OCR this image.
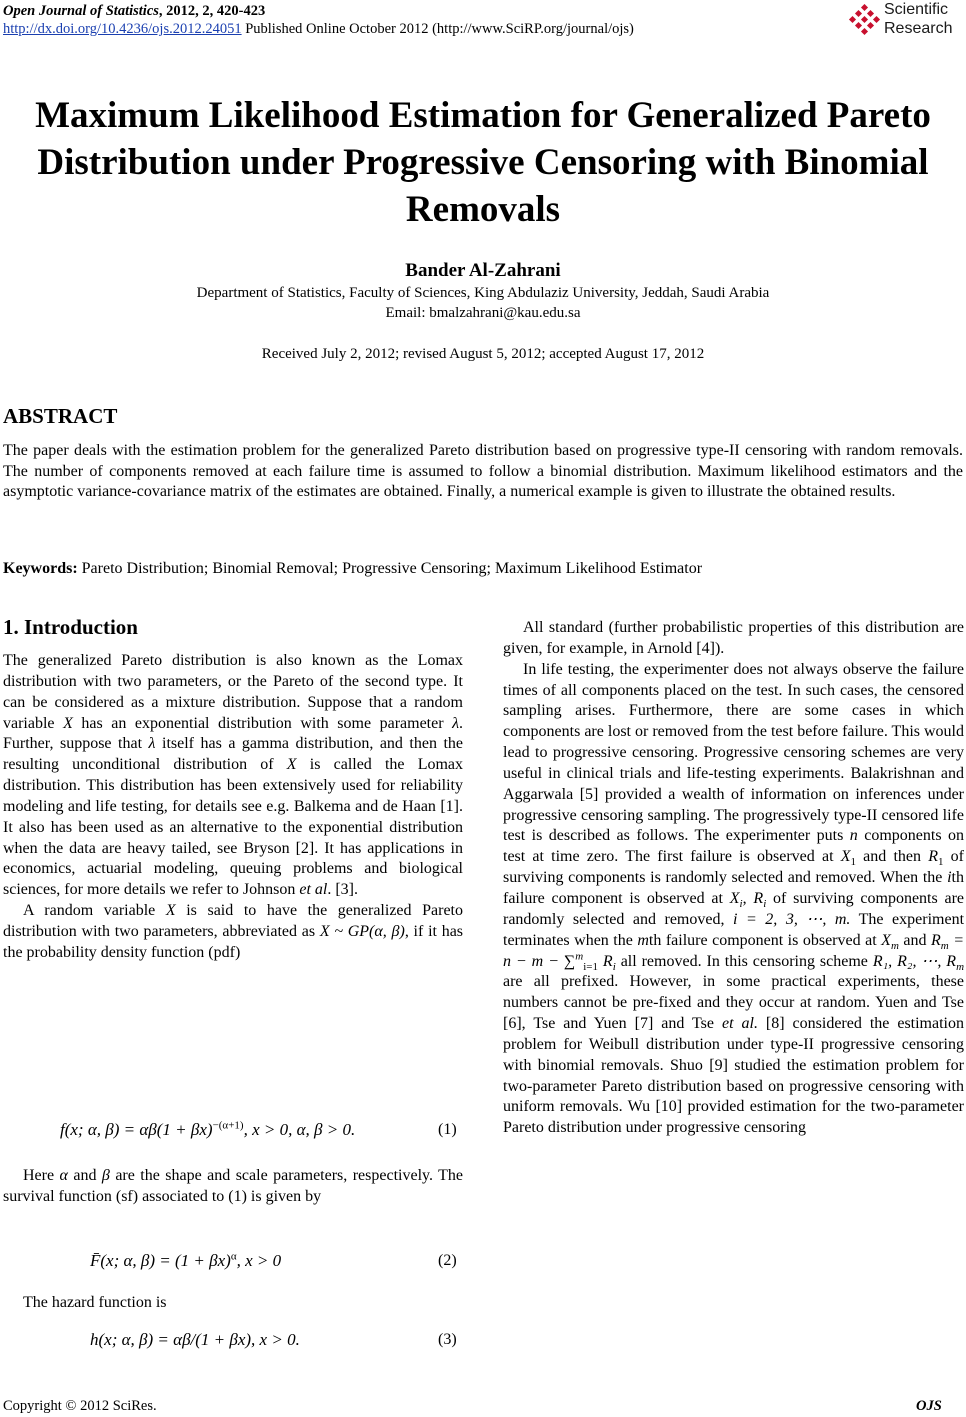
Open Journal of Statistics, 2012, 2, 420-423
http://dx.doi.org/10.4236/ojs.2012.24051 Published Online October 2012 (http://www.SciRP.org/journal/ojs)
Scientific
Research
Maximum Likelihood Estimation for Generalized Pareto
Distribution under Progressive Censoring with Binomial
Removals
Bander Al-Zahrani
Department of Statistics, Faculty of Sciences, King Abdulaziz University, Jeddah, Saudi Arabia
Email: bmalzahrani@kau.edu.sa
Received July 2, 2012; revised August 5, 2012; accepted August 17, 2012
ABSTRACT
The paper deals with the estimation problem for the generalized Pareto distribution based on progressive type-II censoring with random removals. The number of components removed at each failure time is assumed to follow a binomial distribution. Maximum likelihood estimators and the asymptotic variance-covariance matrix of the estimates are obtained. Finally, a numerical example is given to illustrate the obtained results.
Keywords: Pareto Distribution; Binomial Removal; Progressive Censoring; Maximum Likelihood Estimator
1. Introduction

The generalized Pareto distribution is also known as the Lomax distribution with two parameters, or the Pareto of the second type. It can be considered as a mixture distribution. Suppose that a random variable X has an exponential distribution with some parameter λ. Further, suppose that λ itself has a gamma distribution, and then the resulting unconditional distribution of X is called the Lomax distribution. This distribution has been extensively used for reliability modeling and life testing, for details see e.g. Balkema and de Haan [1]. It also has been used as an alternative to the exponential distribution when the data are heavy tailed, see Bryson [2]. It has applications in economics, actuarial modeling, queuing problems and biological sciences, for more details we refer to Johnson et al. [3].

A random variable X is said to have the generalized Pareto distribution with two parameters, abbreviated as X ~ GP(α, β), if it has the probability density function (pdf)

f(x; α, $\beta) = \alpha\beta(1 + \beta x)^{-(\alpha+1)}$, x > 0, α, β > 0.	(1)

Here α and β are the shape and scale parameters, respectively. The survival function (sf) associated to (1) is given by

F̄(x; α, $\beta) = (1 + \beta x)^\alpha$, x > 0	(2)
The hazard function is
h(x; α, β) = αβ/(1 + βx), x > 0.	(3)

All standard (further probabilistic properties of this distribution are given, for example, in Arnold [4]).

In life testing, the experimenter does not always observe the failure times of all components placed on the test. In such cases, the censored sampling arises. Furthermore, there are some cases in which components are lost or removed from the test before failure. This would lead to progressive censoring. Progressive censoring schemes are very useful in clinical trials and life-testing experiments. Balakrishnan and Aggarwala [5] provided a wealth of information on inferences under progressive censoring sampling. The progressively type-II censored life test is described as follows. The experimenter puts n components on test at time zero. The first failure is observed at $X_1$ and then $R_1$ of surviving components is randomly selected and removed. When the ith failure component is observed at $X_i$, $R_i$ of surviving components are randomly selected and removed, i = 2, 3, ⋯, m. The experiment terminates when the mth failure component is observed at $X_m$ and $R_m = n - m - \sum^m_{i=1}$ $R_i$ all removed. In this censoring scheme R₁, R₂, ⋯, $R_m$ are all prefixed. However, in some practical experiments, these numbers cannot be pre-fixed and they occur at random. Yuen and Tse [6], Tse and Yuen [7] and Tse et al. [8] considered the estimation problem for Weibull distribution under type-II progressive censoring with binomial removals. Shuo [9] studied the estimation problem for two-parameter Pareto distribution based on progressive censoring with uniform removals. Wu [10] provided estimation for the two-parameter Pareto distribution under progressive censoring

Copyright © 2012 SciRes.	OJS
